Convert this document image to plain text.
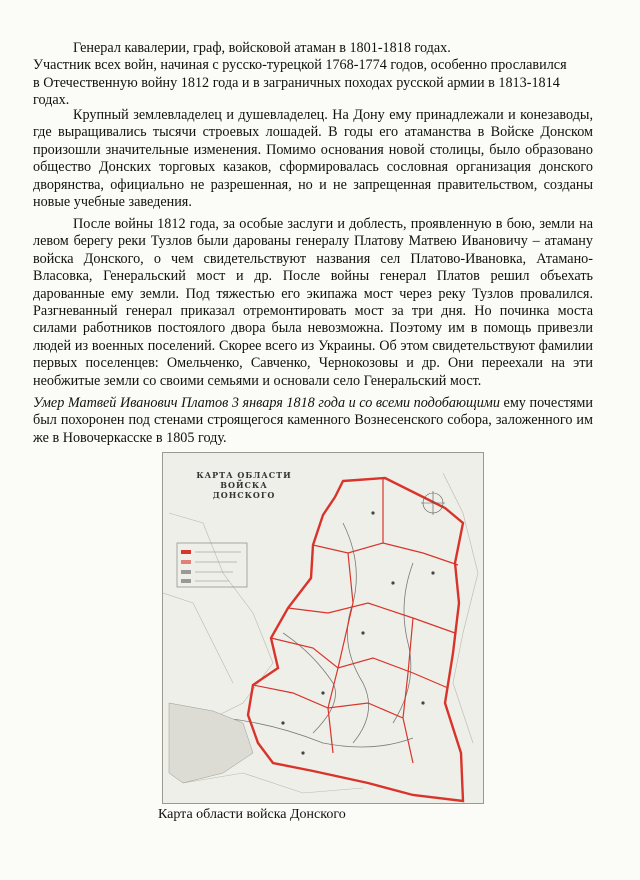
Генерал кавалерии, граф, войсковой атаман в 1801-1818 годах.
Участник всех войн, начиная с русско-турецкой 1768-1774 годов, особенно прославился
в Отечественную войну 1812 года и в заграничных походах русской армии в 1813-1814
годах.

Крупный землевладелец и душевладелец. На Дону ему принадлежали и конезаводы, где выращивались тысячи строевых лошадей. В годы его атаманства в Войске Донском произошли значительные изменения. Помимо основания новой столицы, было образовано общество Донских торговых казаков, сформировалась сословная организация донского дворянства, официально не разрешенная, но и не запрещенная правительством, созданы новые учебные заведения.

После войны 1812 года, за особые заслуги и доблесть, проявленную в бою, земли на левом берегу реки Тузлов были дарованы генералу Платову Матвею Ивановичу – атаману войска Донского, о чем свидетельствуют названия сел Платово-Ивановка, Атамано-Власовка, Генеральский мост и др. После войны генерал Платов решил объехать дарованные ему земли. Под тяжестью его экипажа мост через реку Тузлов провалился. Разгневанный генерал приказал отремонтировать мост за три дня. Но починка моста силами работников постоялого двора была невозможна. Поэтому им в помощь привезли людей из военных поселений. Скорее всего из Украины. Об этом свидетельствуют фамилии первых поселенцев: Омельченко, Савченко, Чернокозовы и др. Они переехали на эти необжитые земли со своими семьями и основали село Генеральский мост.

Умер Матвей Иванович Платов 3 января 1818 года и со всеми подобающими ему почестями был похоронен под стенами строящегося каменного Вознесенского собора, заложенного им же в Новочеркасске в 1805 году.

КАРТА ОБЛАСТИ ВОЙСКА ДОНСКОГО
Карта области войска Донского
